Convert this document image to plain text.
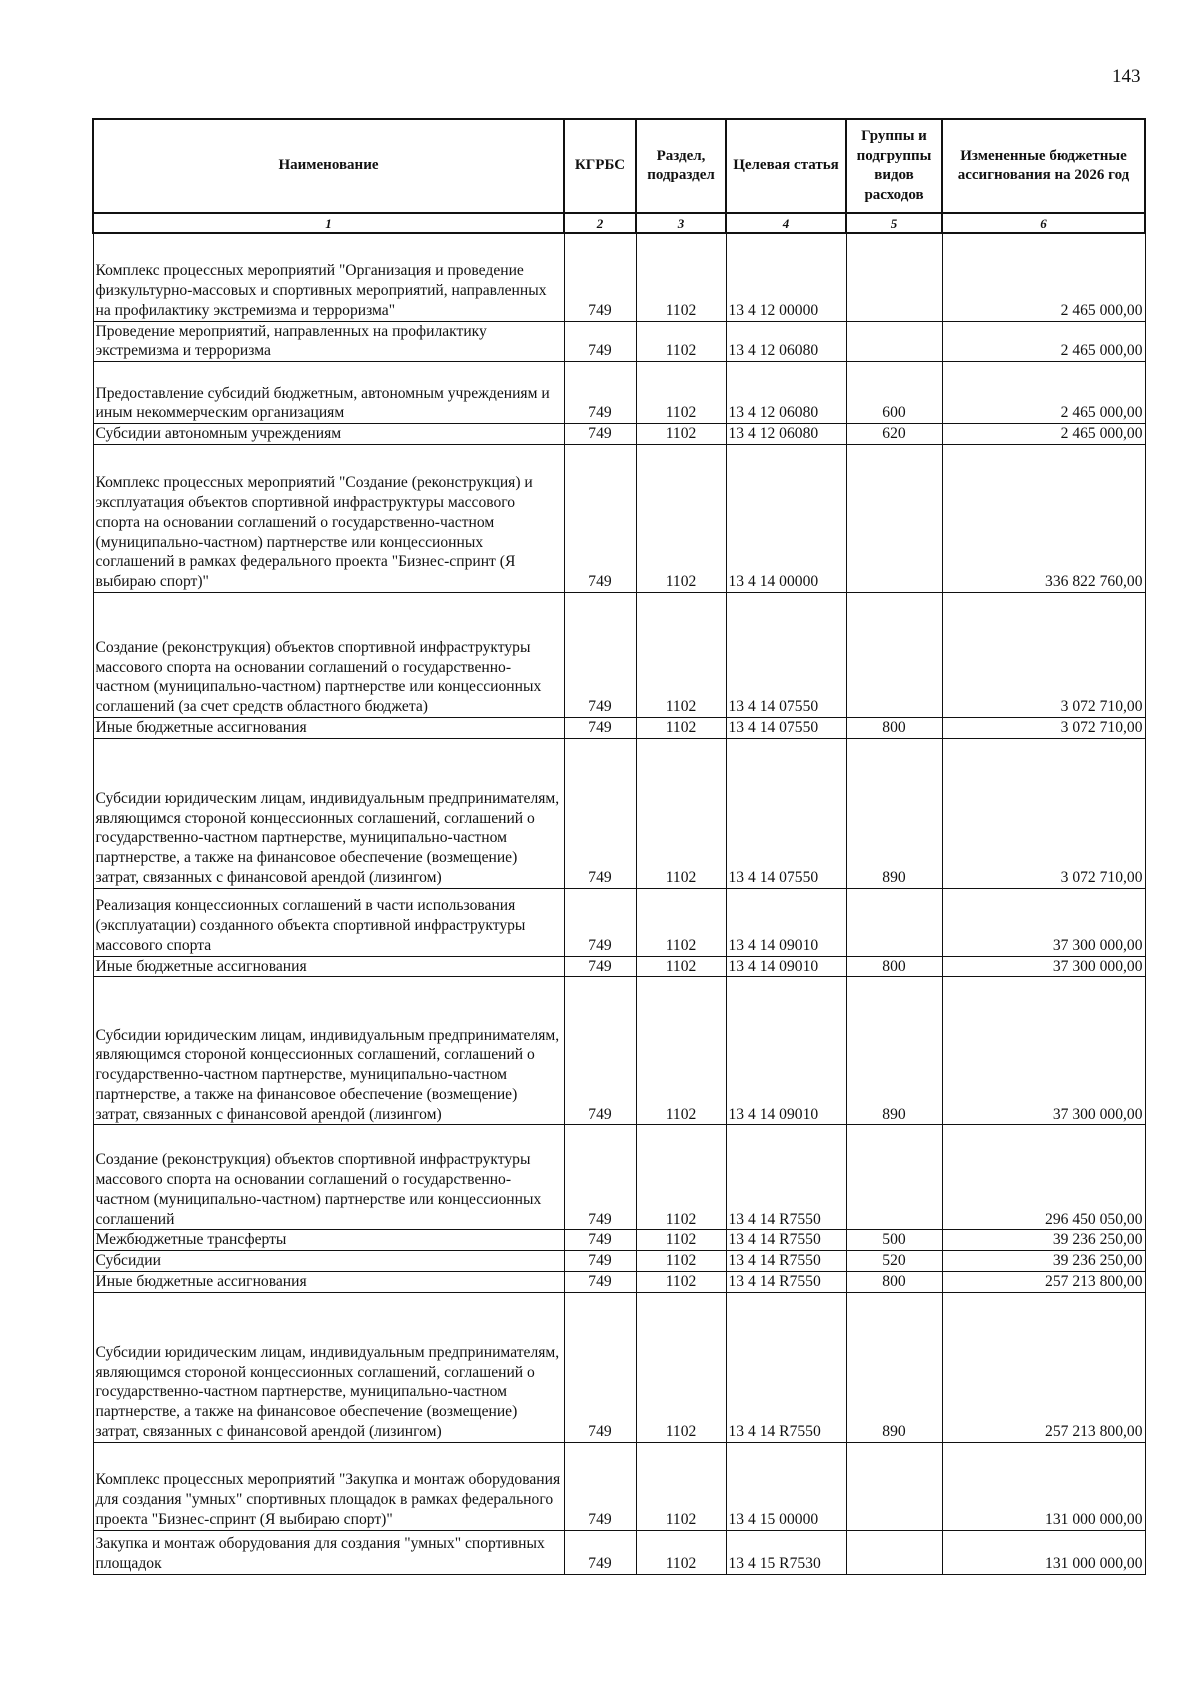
143
Наименование	КГРБС	Раздел, подраздел	Целевая статья	Группы и подгруппы видов расходов	Измененные бюджетные ассигнования на 2026 год
1	2	3	4	5	6
Комплекс процессных мероприятий "Организация и проведение физкультурно-массовых и спортивных мероприятий, направленных на профилактику экстремизма и терроризма"	749	1102	13 4 12 00000		2 465 000,00
Проведение мероприятий, направленных на профилактику экстремизма и терроризма	749	1102	13 4 12 06080		2 465 000,00
Предоставление субсидий бюджетным, автономным учреждениям и иным некоммерческим организациям	749	1102	13 4 12 06080	600	2 465 000,00
Субсидии автономным учреждениям	749	1102	13 4 12 06080	620	2 465 000,00
Комплекс процессных мероприятий "Создание (реконструкция) и эксплуатация объектов спортивной инфраструктуры массового спорта на основании соглашений о государственно-частном (муниципально-частном) партнерстве или концессионных соглашений в рамках федерального проекта "Бизнес-спринт (Я выбираю спорт)"	749	1102	13 4 14 00000		336 822 760,00
Создание (реконструкция) объектов спортивной инфраструктуры массового спорта на основании соглашений о государственно-частном (муниципально-частном) партнерстве или концессионных соглашений (за счет средств областного бюджета)	749	1102	13 4 14 07550		3 072 710,00
Иные бюджетные ассигнования	749	1102	13 4 14 07550	800	3 072 710,00
Субсидии юридическим лицам, индивидуальным предпринимателям, являющимся стороной концессионных соглашений, соглашений о государственно-частном партнерстве, муниципально-частном партнерстве, а также на финансовое обеспечение (возмещение) затрат, связанных с финансовой арендой (лизингом)	749	1102	13 4 14 07550	890	3 072 710,00
Реализация концессионных соглашений в части использования (эксплуатации) созданного объекта спортивной инфраструктуры массового спорта	749	1102	13 4 14 09010		37 300 000,00
Иные бюджетные ассигнования	749	1102	13 4 14 09010	800	37 300 000,00
Субсидии юридическим лицам, индивидуальным предпринимателям, являющимся стороной концессионных соглашений, соглашений о государственно-частном партнерстве, муниципально-частном партнерстве, а также на финансовое обеспечение (возмещение) затрат, связанных с финансовой арендой (лизингом)	749	1102	13 4 14 09010	890	37 300 000,00
Создание (реконструкция) объектов спортивной инфраструктуры массового спорта на основании соглашений о государственно-частном (муниципально-частном) партнерстве или концессионных соглашений	749	1102	13 4 14 R7550		296 450 050,00
Межбюджетные трансферты	749	1102	13 4 14 R7550	500	39 236 250,00
Субсидии	749	1102	13 4 14 R7550	520	39 236 250,00
Иные бюджетные ассигнования	749	1102	13 4 14 R7550	800	257 213 800,00
Субсидии юридическим лицам, индивидуальным предпринимателям, являющимся стороной концессионных соглашений, соглашений о государственно-частном партнерстве, муниципально-частном партнерстве, а также на финансовое обеспечение (возмещение) затрат, связанных с финансовой арендой (лизингом)	749	1102	13 4 14 R7550	890	257 213 800,00
Комплекс процессных мероприятий "Закупка и монтаж оборудования для создания "умных" спортивных площадок в рамках федерального проекта "Бизнес-спринт (Я выбираю спорт)"	749	1102	13 4 15 00000		131 000 000,00
Закупка и монтаж оборудования для создания "умных" спортивных площадок	749	1102	13 4 15 R7530		131 000 000,00
